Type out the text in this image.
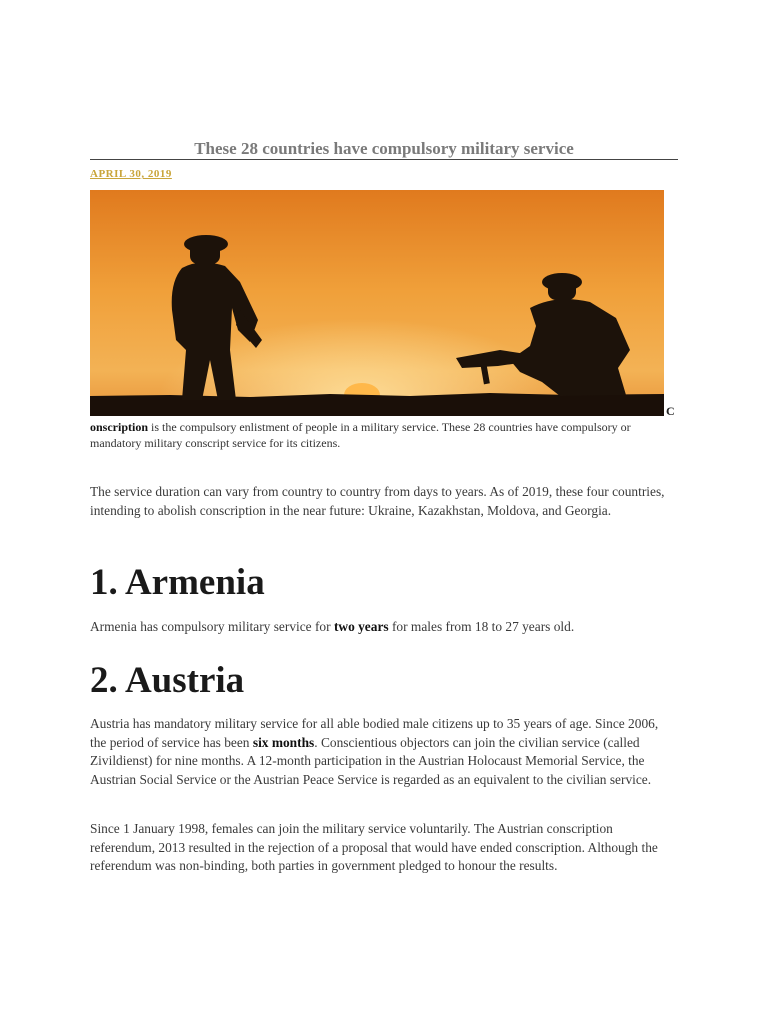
These 28 countries have compulsory military service
APRIL 30, 2019
C

onscription is the compulsory enlistment of people in a military service. These 28 countries have compulsory or mandatory military conscript service for its citizens.

The service duration can vary from country to country from days to years. As of 2019, these four countries, intending to abolish conscription in the near future: Ukraine, Kazakhstan, Moldova, and Georgia.

1. Armenia

Armenia has compulsory military service for two years for males from 18 to 27 years old.

2. Austria

Austria has mandatory military service for all able bodied male citizens up to 35 years of age. Since 2006, the period of service has been six months. Conscientious objectors can join the civilian service (called Zivildienst) for nine months. A 12-month participation in the Austrian Holocaust Memorial Service, the Austrian Social Service or the Austrian Peace Service is regarded as an equivalent to the civilian service.

Since 1 January 1998, females can join the military service voluntarily. The Austrian conscription referendum, 2013 resulted in the rejection of a proposal that would have ended conscription. Although the referendum was non-binding, both parties in government pledged to honour the results.
